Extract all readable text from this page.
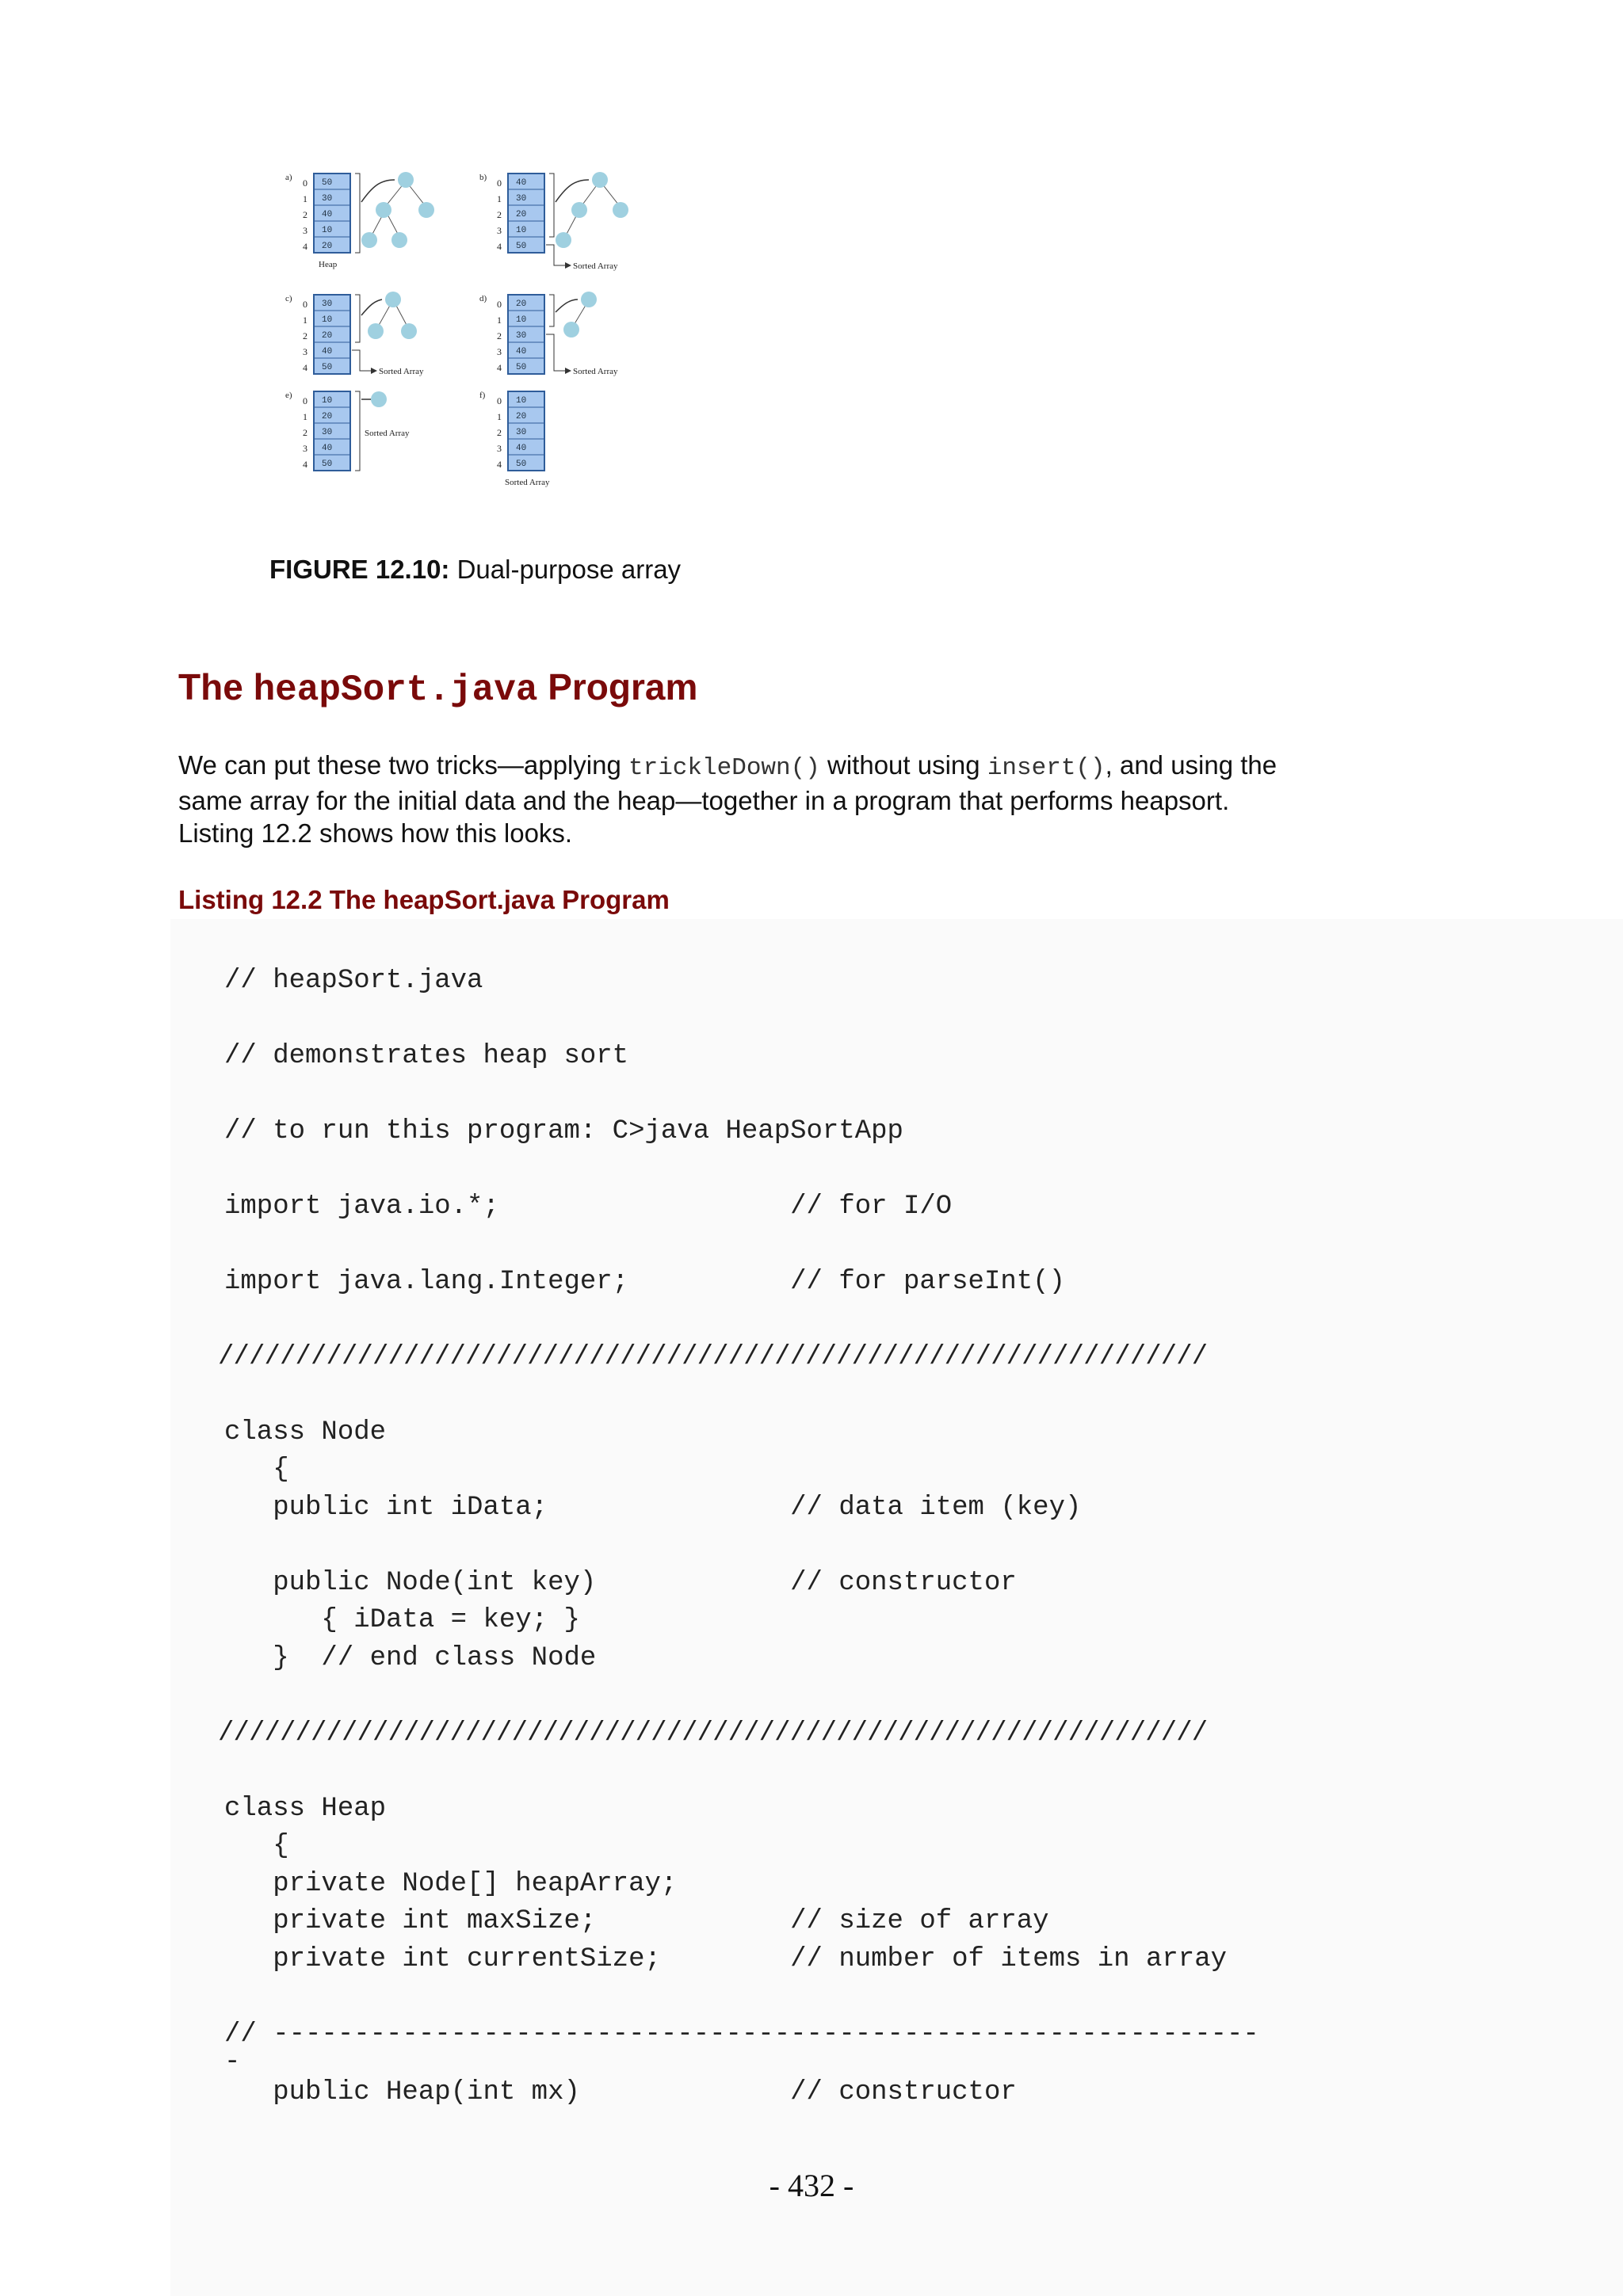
a) 0
1
2
3
4
50
30
40
10
20
Heap
b) 0
1
2
3
4
40
30
20
10
50
Sorted Array
c) 0
1
2
3
4
30
10
20
40
50	Sorted Array
d) 0
1
2
3
4
20
10
30
40
50	Sorted Array
e) 0
1
2
3
4
10
20
30
40
50
Sorted Array
f) 0
1
2
3
4
10
20
30
40
50
Sorted Array
FIGURE 12.10: Dual-purpose array
The heapSort.java Program

We can put these two tricks—applying trickleDown() without using insert(), and using the same array for the initial data and the heap—together in a program that performs heapsort. Listing 12.2 shows how this looks.

Listing 12.2 The heapSort.java Program
// heapSort.java
// demonstrates heap sort
// to run this program: C>java HeapSortApp
import java.io.*;                  // for I/O
import java.lang.Integer;          // for parseInt()
////////////////////////////////////////////////////////////////
class Node
{
public int iData;               // data item (key)
public Node(int key)            // constructor
{ iData = key; }
}  // end class Node
////////////////////////////////////////////////////////////////
class Heap
{
private Node[] heapArray;
private int maxSize;            // size of array
private int currentSize;        // number of items in array
// -------------------------------------------------------------
-
public Heap(int mx)             // constructor
- 432 -
